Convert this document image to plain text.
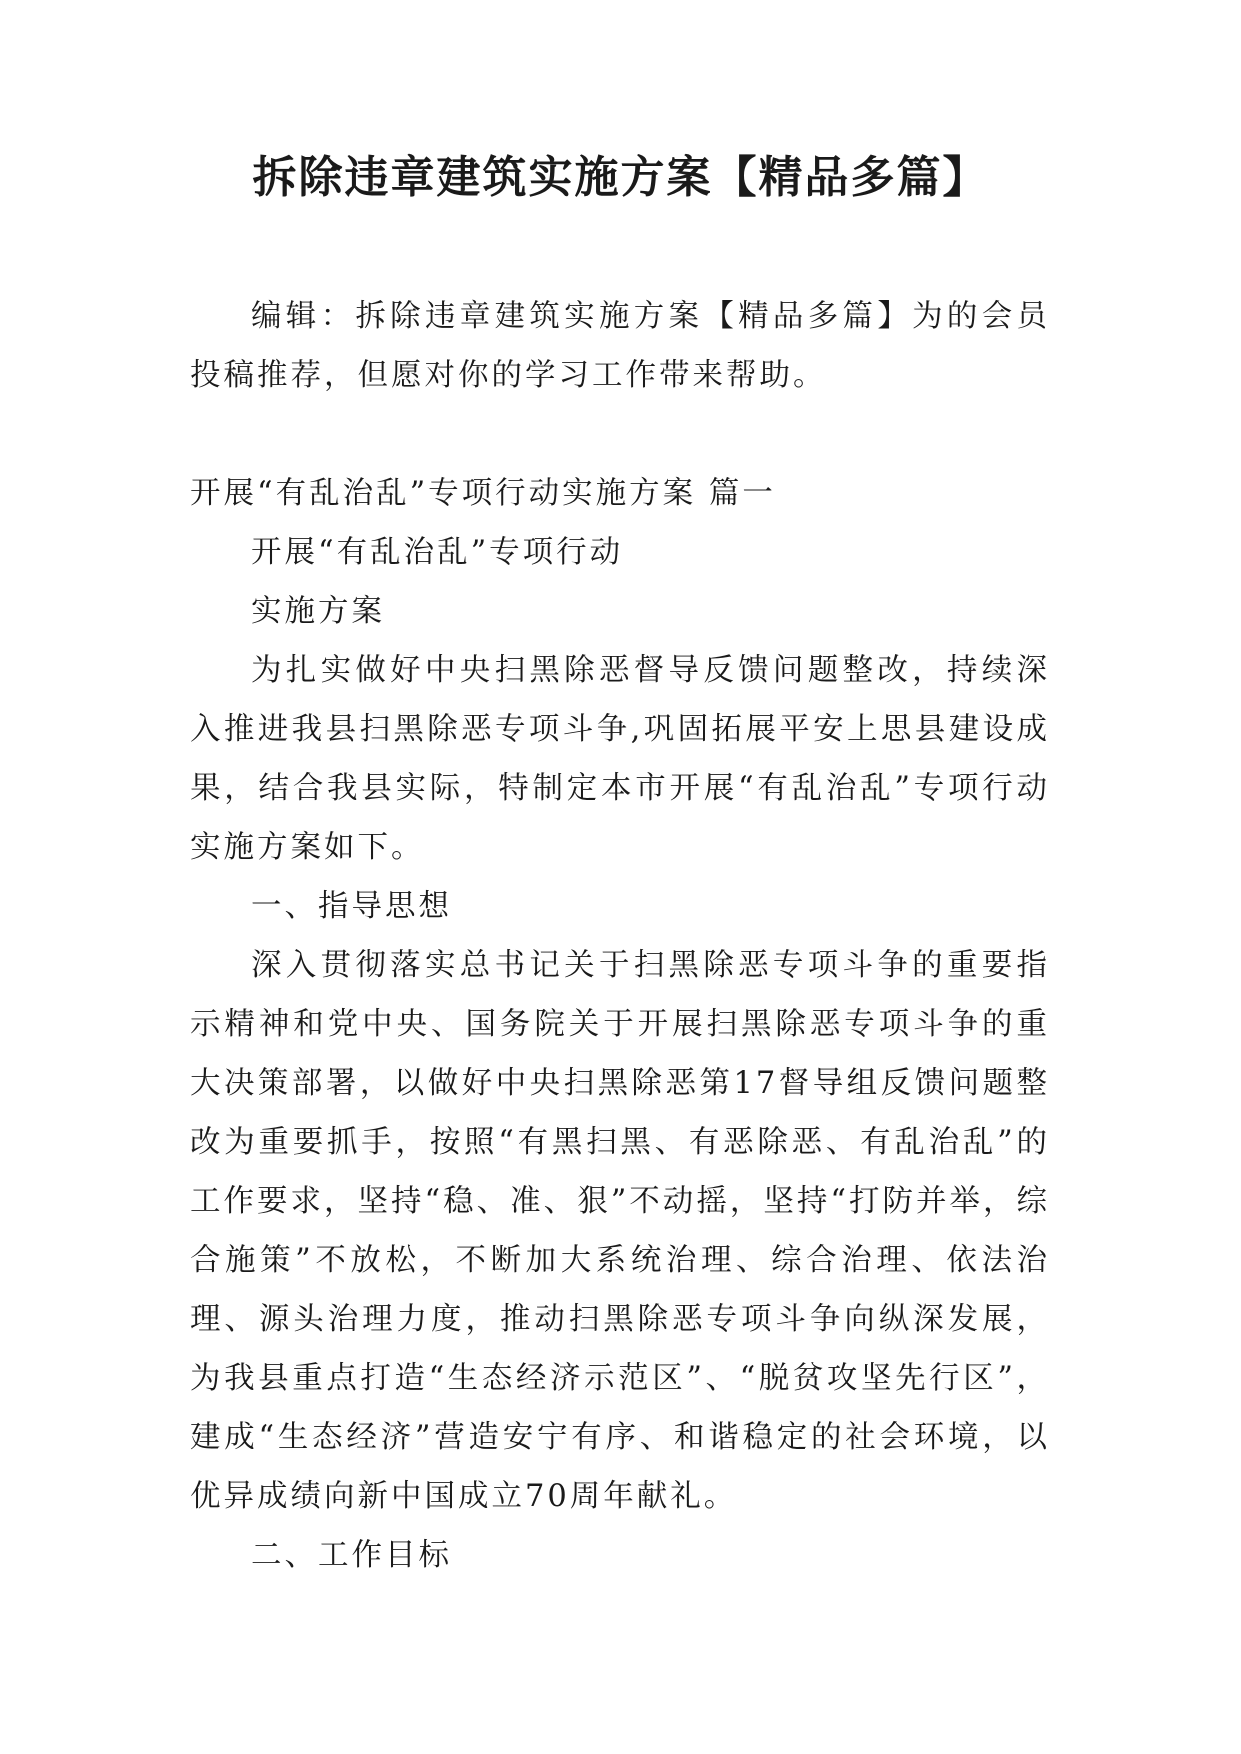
拆除违章建筑实施方案【精品多篇】

编辑：拆除违章建筑实施方案【精品多篇】为的会员投稿推荐，但愿对你的学习工作带来帮助。

开展“有乱治乱”专项行动实施方案 篇一

开展“有乱治乱”专项行动

实施方案

为扎实做好中央扫黑除恶督导反馈问题整改，持续深入推进我县扫黑除恶专项斗争,巩固拓展平安上思县建设成果，结合我县实际，特制定本市开展“有乱治乱”专项行动实施方案如下。

一、指导思想

深入贯彻落实总书记关于扫黑除恶专项斗争的重要指示精神和党中央、国务院关于开展扫黑除恶专项斗争的重大决策部署，以做好中央扫黑除恶第17督导组反馈问题整改为重要抓手，按照“有黑扫黑、有恶除恶、有乱治乱”的工作要求，坚持“稳、准、狠”不动摇，坚持“打防并举，综合施策”不放松，不断加大系统治理、综合治理、依法治理、源头治理力度，推动扫黑除恶专项斗争向纵深发展，为我县重点打造“生态经济示范区”、“脱贫攻坚先行区”，建成“生态经济”营造安宁有序、和谐稳定的社会环境，以优异成绩向新中国成立70周年献礼。

二、工作目标
